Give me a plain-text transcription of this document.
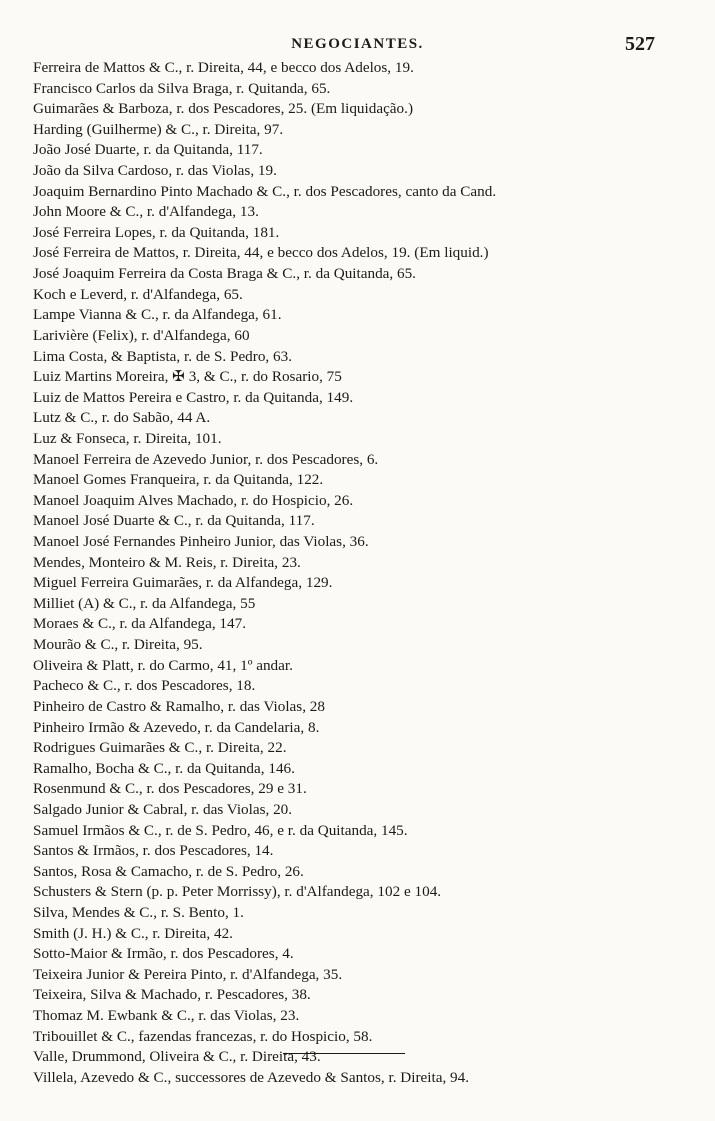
NEGOCIANTES.	527
Ferreira de Mattos & C., r. Direita, 44, e becco dos Adelos, 19.
Francisco Carlos da Silva Braga, r. Quitanda, 65.
Guimarães & Barboza, r. dos Pescadores, 25. (Em liquidação.)
Harding (Guilherme) & C., r. Direita, 97.
João José Duarte, r. da Quitanda, 117.
João da Silva Cardoso, r. das Violas, 19.
Joaquim Bernardino Pinto Machado & C., r. dos Pescadores, canto da Cand.
John Moore & C., r. d'Alfandega, 13.
José Ferreira Lopes, r. da Quitanda, 181.
José Ferreira de Mattos, r. Direita, 44, e becco dos Adelos, 19. (Em liquid.)
José Joaquim Ferreira da Costa Braga & C., r. da Quitanda, 65.
Koch e Leverd, r. d'Alfandega, 65.
Lampe Vianna & C., r. da Alfandega, 61.
Larivière (Felix), r. d'Alfandega, 60
Lima Costa, & Baptista, r. de S. Pedro, 63.
Luiz Martins Moreira, ✠ 3, & C., r. do Rosario, 75
Luiz de Mattos Pereira e Castro, r. da Quitanda, 149.
Lutz & C., r. do Sabão, 44 A.
Luz & Fonseca, r. Direita, 101.
Manoel Ferreira de Azevedo Junior, r. dos Pescadores, 6.
Manoel Gomes Franqueira, r. da Quitanda, 122.
Manoel Joaquim Alves Machado, r. do Hospicio, 26.
Manoel José Duarte & C., r. da Quitanda, 117.
Manoel José Fernandes Pinheiro Junior, das Violas, 36.
Mendes, Monteiro & M. Reis, r. Direita, 23.
Miguel Ferreira Guimarães, r. da Alfandega, 129.
Milliet (A) & C., r. da Alfandega, 55
Moraes & C., r. da Alfandega, 147.
Mourão & C., r. Direita, 95.
Oliveira & Platt, r. do Carmo, 41, 1º andar.
Pacheco & C., r. dos Pescadores, 18.
Pinheiro de Castro & Ramalho, r. das Violas, 28
Pinheiro Irmão & Azevedo, r. da Candelaria, 8.
Rodrigues Guimarães & C., r. Direita, 22.
Ramalho, Bocha & C., r. da Quitanda, 146.
Rosenmund & C., r. dos Pescadores, 29 e 31.
Salgado Junior & Cabral, r. das Violas, 20.
Samuel Irmãos & C., r. de S. Pedro, 46, e r. da Quitanda, 145.
Santos & Irmãos, r. dos Pescadores, 14.
Santos, Rosa & Camacho, r. de S. Pedro, 26.
Schusters & Stern (p. p. Peter Morrissy), r. d'Alfandega, 102 e 104.
Silva, Mendes & C., r. S. Bento, 1.
Smith (J. H.) & C., r. Direita, 42.
Sotto-Maior & Irmão, r. dos Pescadores, 4.
Teixeira Junior & Pereira Pinto, r. d'Alfandega, 35.
Teixeira, Silva & Machado, r. Pescadores, 38.
Thomaz M. Ewbank & C., r. das Violas, 23.
Tribouillet & C., fazendas francezas, r. do Hospicio, 58.
Valle, Drummond, Oliveira & C., r. Direita, 43.
Villela, Azevedo & C., successores de Azevedo & Santos, r. Direita, 94.
